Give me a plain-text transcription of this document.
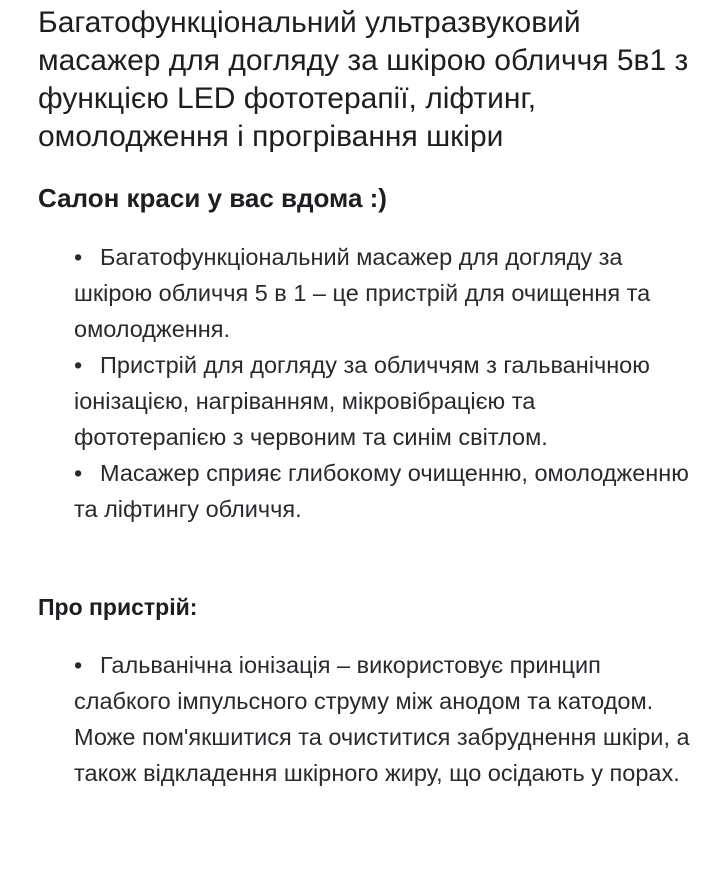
Багатофункціональний ультразвуковий масажер для догляду за шкірою обличчя 5в1 з функцією LED фототерапії, ліфтинг, омолодження і прогрівання шкіри
Салон краси у вас вдома :)
• Багатофункціональний масажер для догляду за шкірою обличчя 5 в 1 – це пристрій для очищення та омолодження.
• Пристрій для догляду за обличчям з гальванічною іонізацією, нагріванням, мікровібрацією та фототерапією з червоним та синім світлом.
• Масажер сприяє глибокому очищенню, омолодженню та ліфтингу обличчя.
Про пристрій:
• Гальванічна іонізація – використовує принцип слабкого імпульсного струму між анодом та катодом. Може пом'якшитися та очиститися забруднення шкіри, а також відкладення шкірного жиру, що осідають у порах.
